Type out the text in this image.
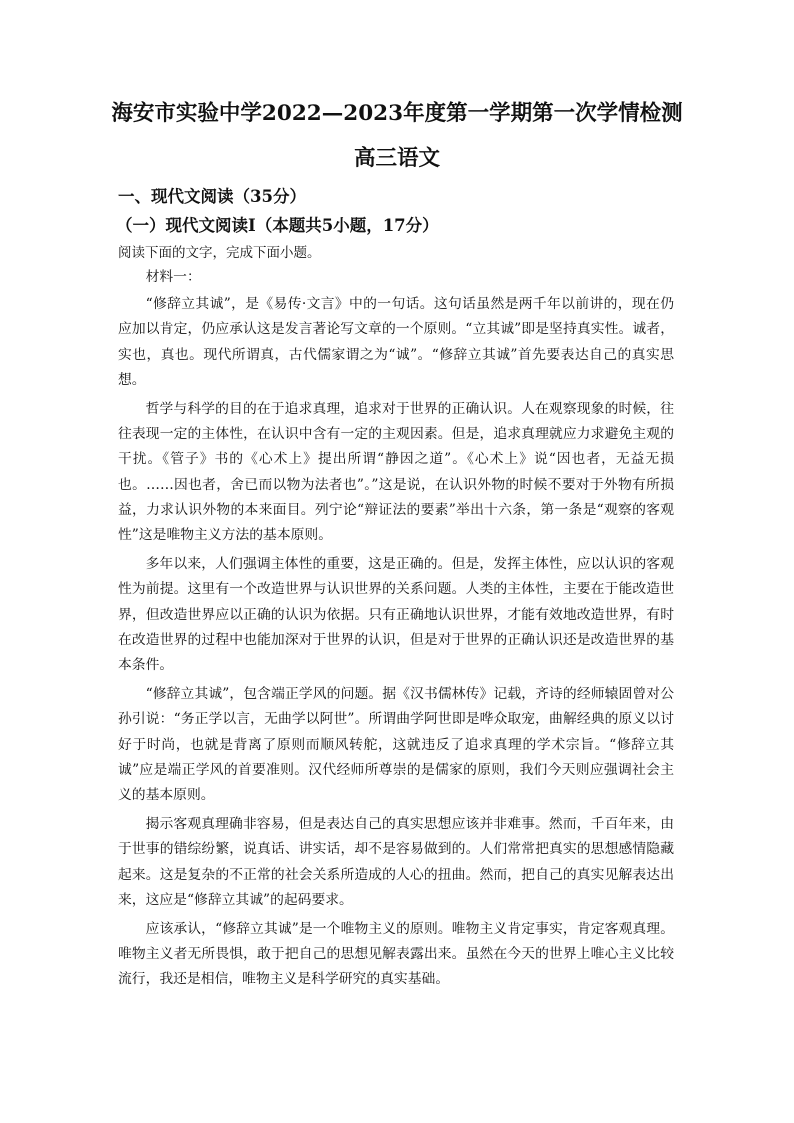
海安市实验中学2022—2023年度第一学期第一次学情检测
高三语文
一、现代文阅读（35分）
（一）现代文阅读Ⅰ（本题共5小题，17分）
阅读下面的文字，完成下面小题。

材料一：

“修辞立其诚”，是《易传·文言》中的一句话。这句话虽然是两千年以前讲的，现在仍应加以肯定，仍应承认这是发言著论写文章的一个原则。“立其诚”即是坚持真实性。诚者，实也，真也。现代所谓真，古代儒家谓之为“诚”。“修辞立其诚”首先要表达自己的真实思想。

哲学与科学的目的在于追求真理，追求对于世界的正确认识。人在观察现象的时候，往往表现一定的主体性，在认识中含有一定的主观因素。但是，追求真理就应力求避免主观的干扰。《管子》书的《心术上》提出所谓“静因之道”。《心术上》说“因也者，无益无损也。……因也者，舍已而以物为法者也”。”这是说，在认识外物的时候不要对于外物有所损益，力求认识外物的本来面目。列宁论“辩证法的要素”举出十六条，第一条是“观察的客观性”这是唯物主义方法的基本原则。

多年以来，人们强调主体性的重要，这是正确的。但是，发挥主体性，应以认识的客观性为前提。这里有一个改造世界与认识世界的关系问题。人类的主体性，主要在于能改造世界，但改造世界应以正确的认识为依据。只有正确地认识世界，才能有效地改造世界，有时在改造世界的过程中也能加深对于世界的认识，但是对于世界的正确认识还是改造世界的基本条件。

“修辞立其诚”，包含端正学风的问题。据《汉书儒林传》记载，齐诗的经师辕固曾对公孙引说：“务正学以言，无曲学以阿世”。所谓曲学阿世即是哗众取宠，曲解经典的原义以讨好于时尚，也就是背离了原则而顺风转舵，这就违反了追求真理的学术宗旨。“修辞立其诚”应是端正学风的首要准则。汉代经师所尊崇的是儒家的原则，我们今天则应强调社会主义的基本原则。

揭示客观真理确非容易，但是表达自己的真实思想应该并非难事。然而，千百年来，由于世事的错综纷繁，说真话、讲实话，却不是容易做到的。人们常常把真实的思想感情隐藏起来。这是复杂的不正常的社会关系所造成的人心的扭曲。然而，把自己的真实见解表达出来，这应是“修辞立其诚”的起码要求。

应该承认，“修辞立其诚”是一个唯物主义的原则。唯物主义肯定事实，肯定客观真理。唯物主义者无所畏惧，敢于把自己的思想见解表露出来。虽然在今天的世界上唯心主义比较流行，我还是相信，唯物主义是科学研究的真实基础。
